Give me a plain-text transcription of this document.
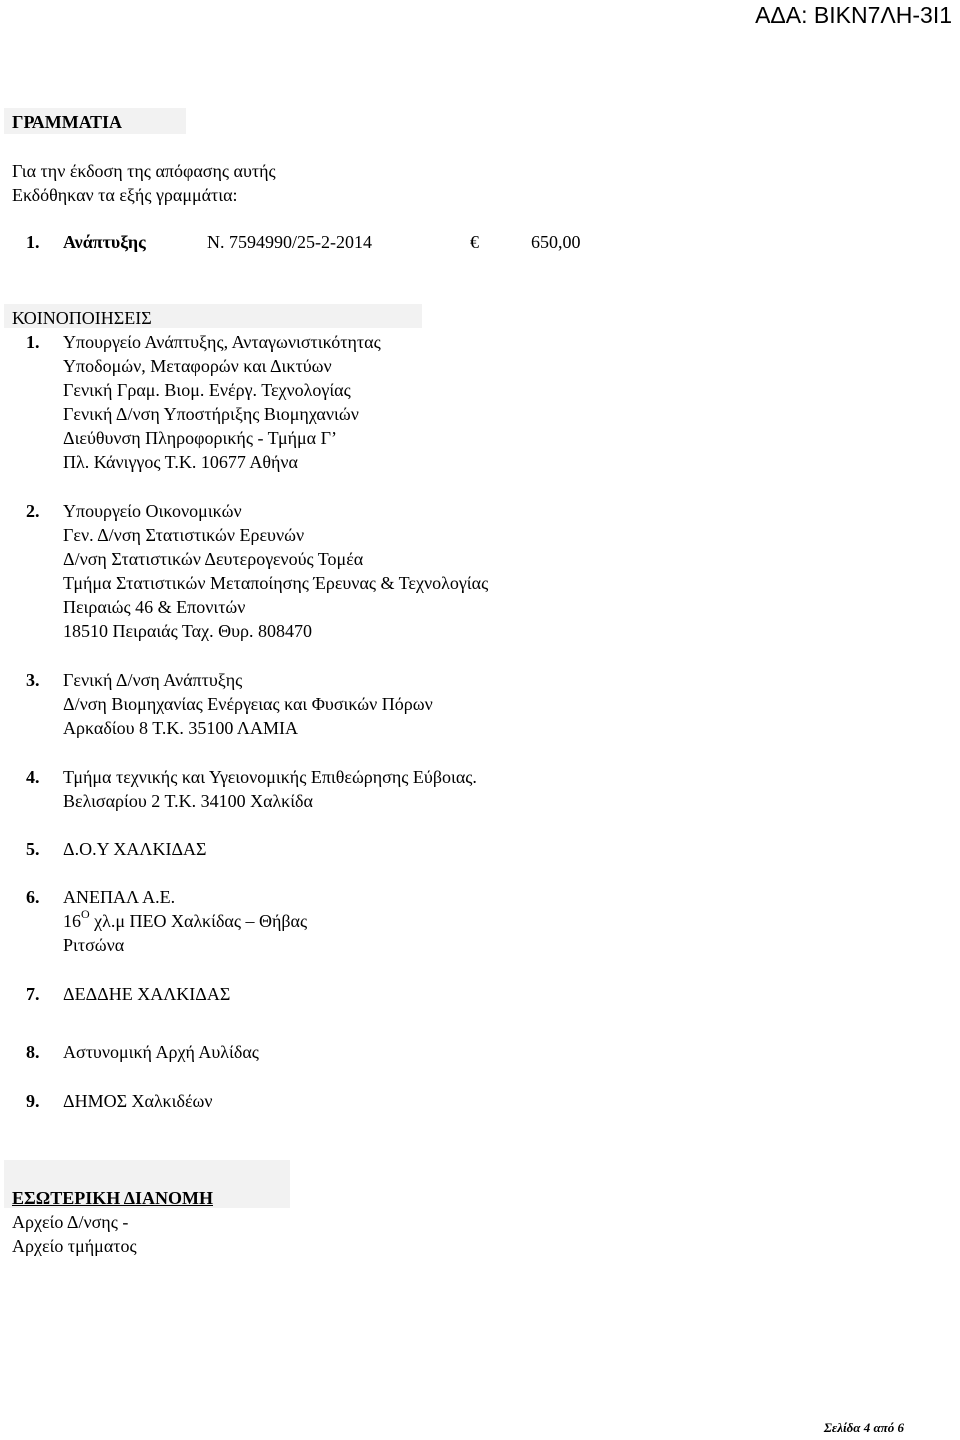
ΑΔΑ: ΒΙΚΝ7ΛΗ-3Ι1
ΓΡΑΜΜΑΤΙΑ
Για την έκδοση της απόφασης αυτής
Εκδόθηκαν τα εξής γραμμάτια:
1. Ανάπτυξης	Ν. 7594990/25-2-2014	€	650,00
ΚΟΙΝΟΠΟΙΗΣΕΙΣ
1. Υπουργείο Ανάπτυξης, Ανταγωνιστικότητας
Υποδομών, Μεταφορών και Δικτύων
Γενική Γραμ. Βιομ. Ενέργ. Τεχνολογίας
Γενική Δ/νση Υποστήριξης Βιομηχανιών
Διεύθυνση Πληροφορικής - Τμήμα Γ’
Πλ. Κάνιγγος Τ.Κ. 10677 Αθήνα
2. Υπουργείο Οικονομικών
Γεν. Δ/νση Στατιστικών Ερευνών
Δ/νση Στατιστικών Δευτερογενούς Τομέα
Τμήμα Στατιστικών Μεταποίησης Έρευνας & Τεχνολογίας
Πειραιώς 46 & Επονιτών
18510 Πειραιάς Ταχ. Θυρ. 808470
3. Γενική Δ/νση Ανάπτυξης
Δ/νση Βιομηχανίας Ενέργειας και Φυσικών Πόρων
Αρκαδίου 8 Τ.Κ. 35100 ΛΑΜΙΑ
4. Τμήμα τεχνικής και Υγειονομικής Επιθεώρησης Εύβοιας.
Βελισαρίου 2 Τ.Κ. 34100 Χαλκίδα
5. Δ.Ο.Υ ΧΑΛΚΙΔΑΣ
6. ΑΝΕΠΑΛ Α.Ε.
$16^O$ χλ.μ ΠΕΟ Χαλκίδας – Θήβας
Ριτσώνα
7. ΔΕΔΔΗΕ ΧΑΛΚΙΔΑΣ
8. Αστυνομική Αρχή Αυλίδας
9. ΔΗΜΟΣ Χαλκιδέων
ΕΣΩΤΕΡΙΚΗ ΔΙΑΝΟΜΗ
Αρχείο Δ/νσης -
Αρχείο τμήματος
Σελίδα 4 από 6
